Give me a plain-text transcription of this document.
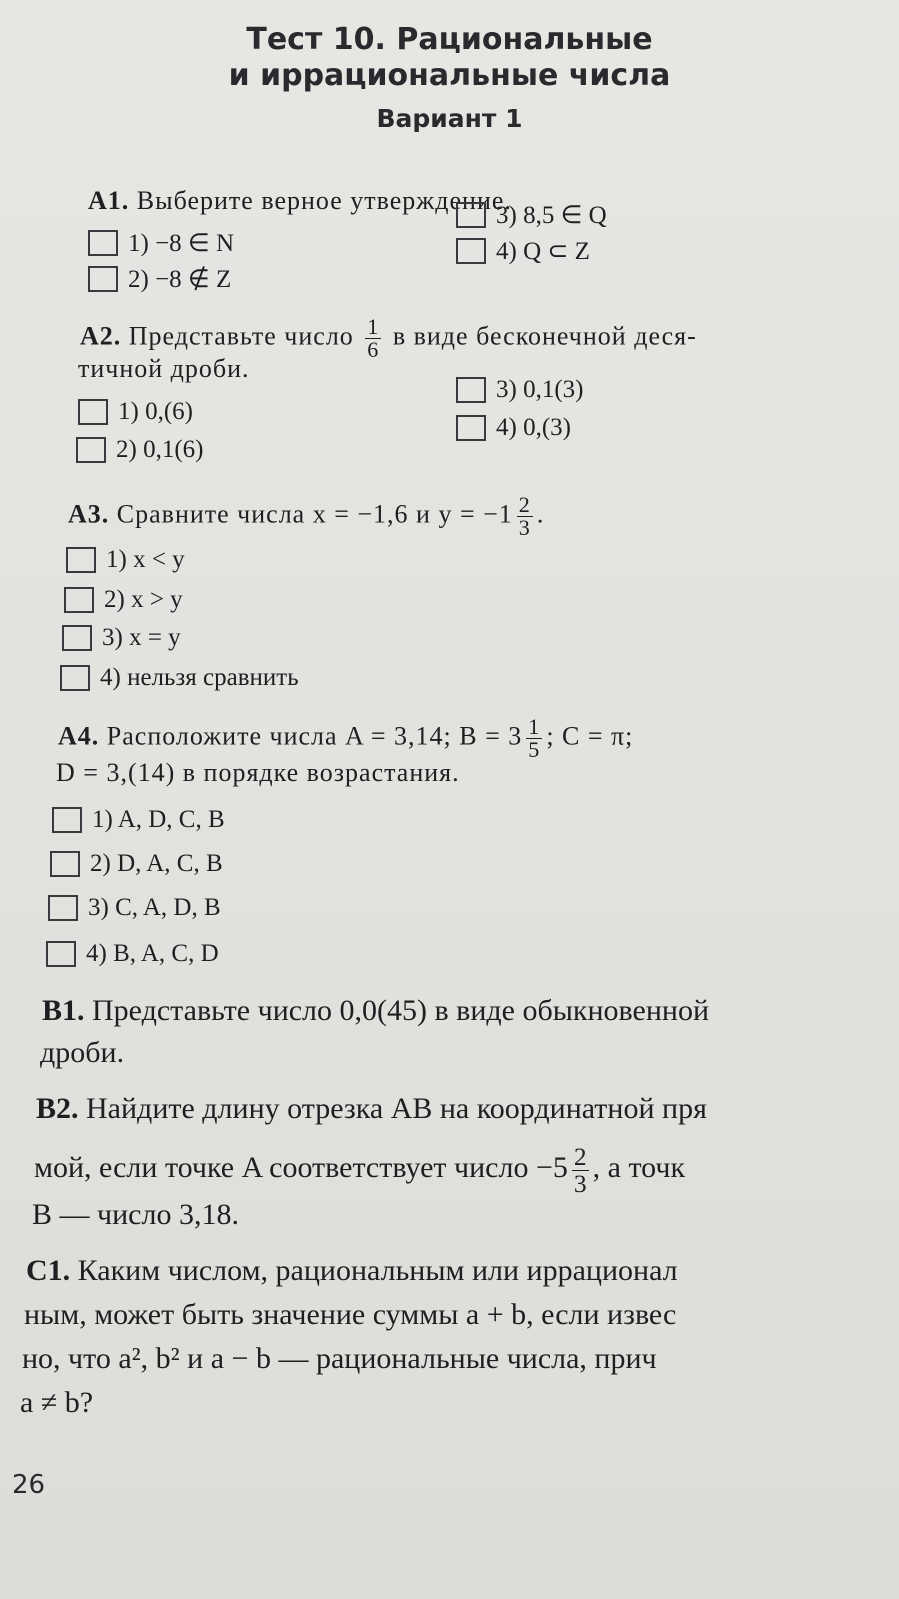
Тест 10. Рациональные
и иррациональные числа
Вариант 1
А1. Выберите верное утверждение.
1) −8 ∈ N
2) −8 ∉ Z
3) 8,5 ∈ Q
4) Q ⊂ Z
А2. Представьте число $\frac{1}{6}$ в виде бесконечной деся-
тичной дроби.
1) 0,(6)
2) 0,1(6)
3) 0,1(3)
4) 0,(3)
А3. Сравните числа x = −1,6 и $y = -1 \frac{2}{3}$ .
1) x < y
2) x > y
3) x = y
4) нельзя сравнить
А4. Расположите числа A = 3,14; $B = 3 \frac{1}{5}$ ; C = π;
D = 3,(14) в порядке возрастания.
1) A, D, C, B
2) D, A, C, B
3) C, A, D, B
4) B, A, C, D
В1. Представьте число 0,0(45) в виде обыкновенной
дроби.
В2. Найдите длину отрезка AB на координатной пря
мой, если точке A соответствует число $-5 \frac{2}{3}$ , а точк
B — число 3,18.
С1. Каким числом, рациональным или иррационал
ным, может быть значение суммы a + b, если извес
но, что a², b² и a − b — рациональные числа, прич
a ≠ b?
26
